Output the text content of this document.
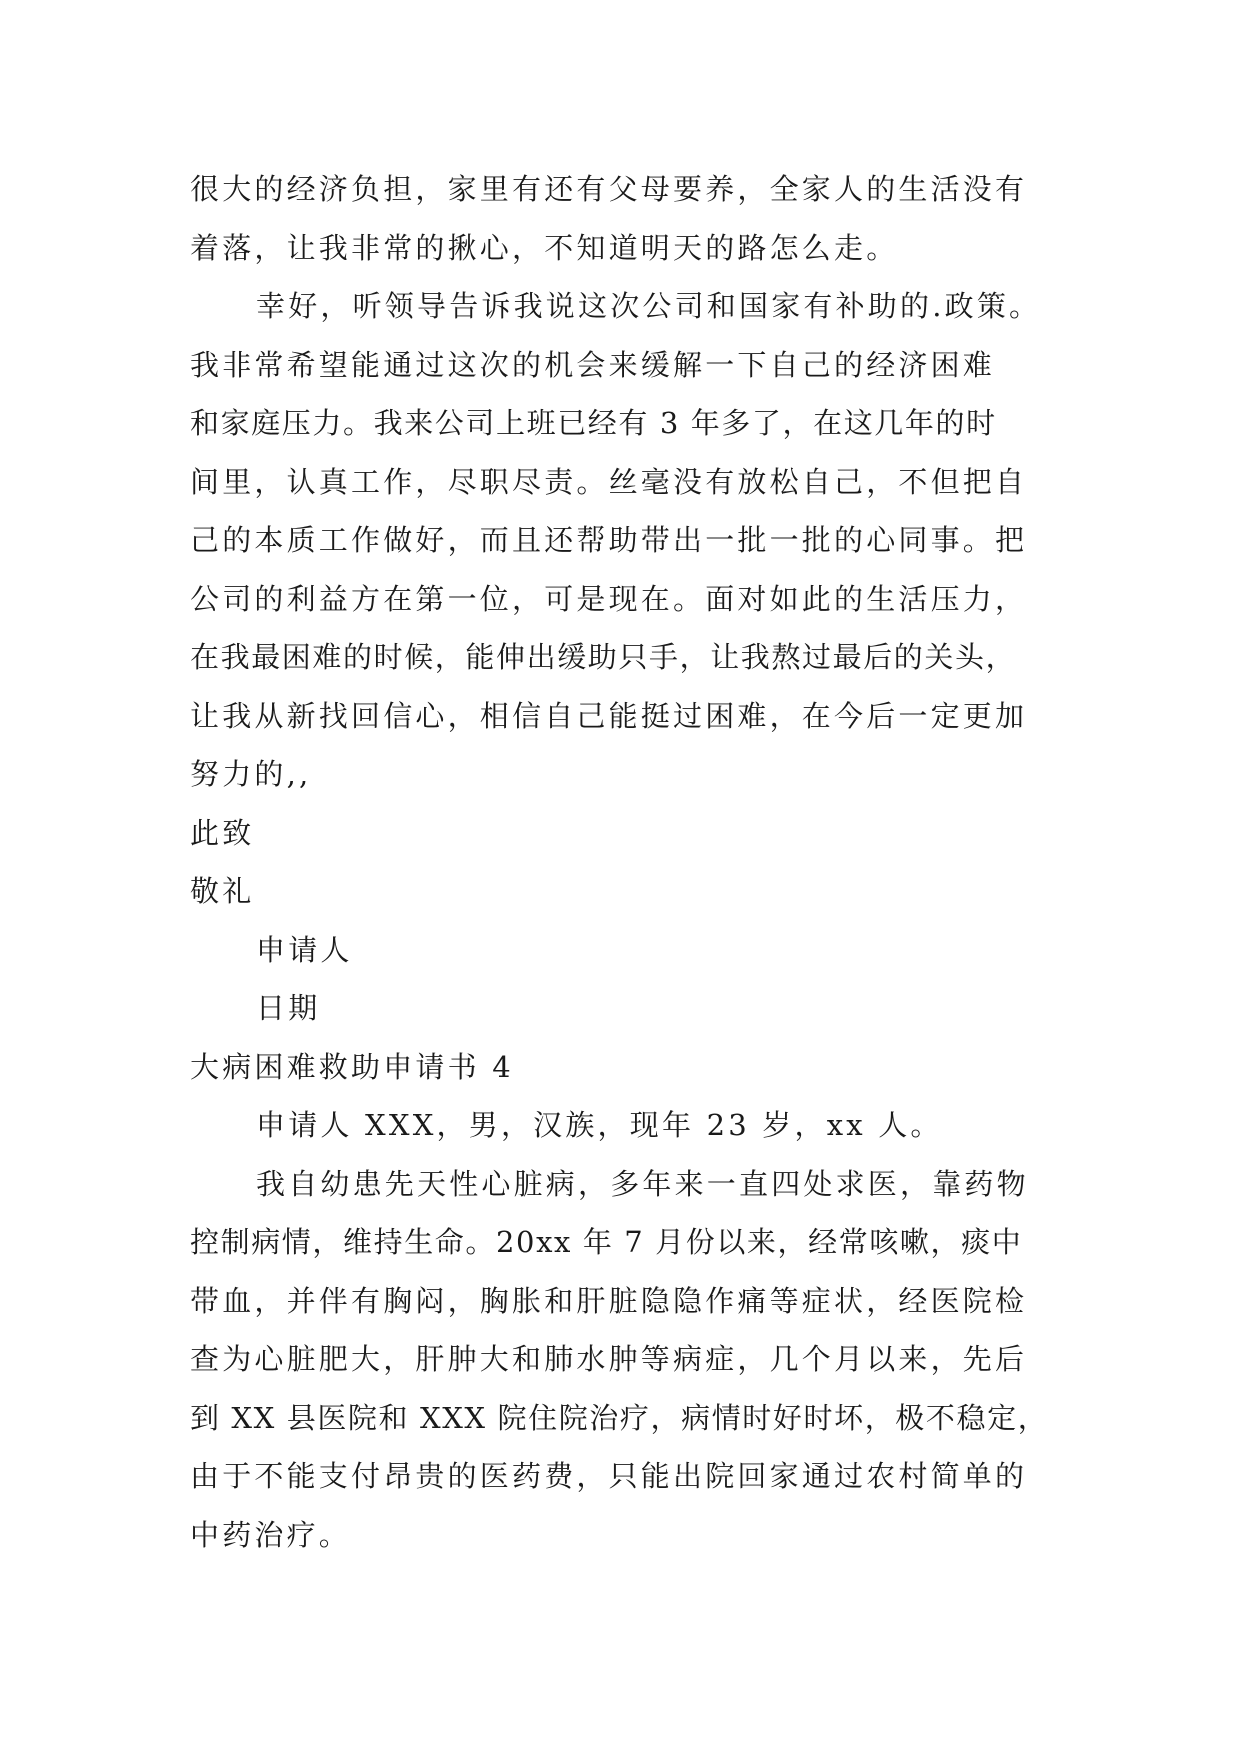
很大的经济负担，家里有还有父母要养，全家人的生活没有
着落，让我非常的揪心，不知道明天的路怎么走。
幸好，听领导告诉我说这次公司和国家有补助的.政策。
我非常希望能通过这次的机会来缓解一下自己的经济困难
和家庭压力。我来公司上班已经有 3 年多了，在这几年的时
间里，认真工作，尽职尽责。丝毫没有放松自己，不但把自
己的本质工作做好，而且还帮助带出一批一批的心同事。把
公司的利益方在第一位，可是现在。面对如此的生活压力，
在我最困难的时候，能伸出缓助只手，让我熬过最后的关头，
让我从新找回信心，相信自己能挺过困难，在今后一定更加
努力的,,
此致
敬礼
申请人
日期
大病困难救助申请书 4
申请人 XXX，男，汉族，现年 23 岁，xx 人。
我自幼患先天性心脏病，多年来一直四处求医，靠药物
控制病情，维持生命。20xx 年 7 月份以来，经常咳嗽，痰中
带血，并伴有胸闷，胸胀和肝脏隐隐作痛等症状，经医院检
查为心脏肥大，肝肿大和肺水肿等病症，几个月以来，先后
到 XX 县医院和 XXX 院住院治疗，病情时好时坏，极不稳定，
由于不能支付昂贵的医药费，只能出院回家通过农村简单的
中药治疗。
